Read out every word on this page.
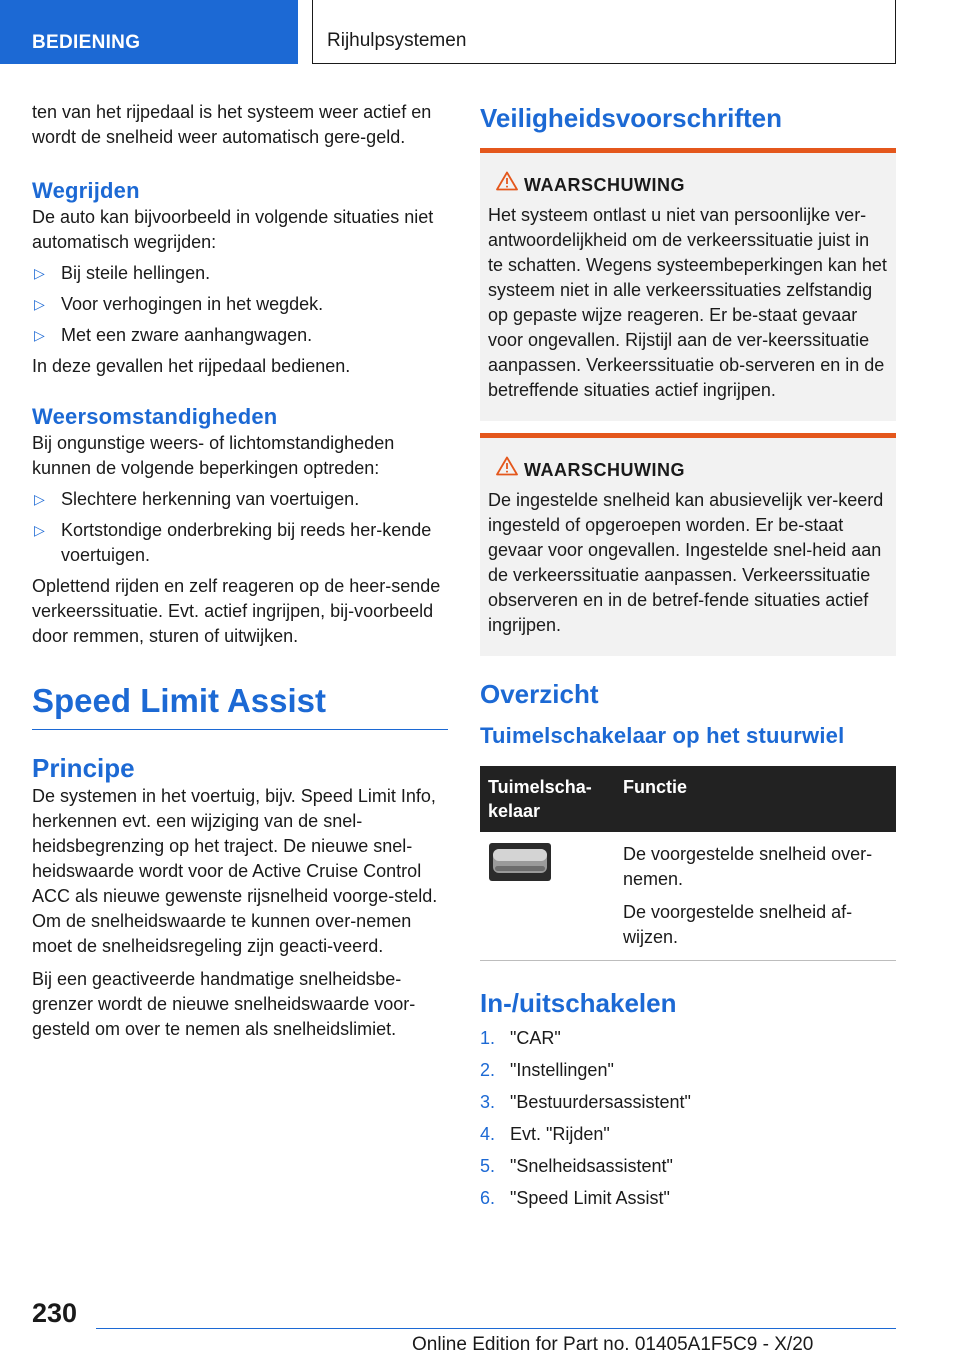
BEDIENING	Rijhulpsystemen

ten van het rijpedaal is het systeem weer actief en wordt de snelheid weer automatisch gere-geld.

Wegrijden

De auto kan bijvoorbeeld in volgende situaties niet automatisch wegrijden:

▷ Bij steile hellingen.
▷ Voor verhogingen in het wegdek.
▷ Met een zware aanhangwagen.

In deze gevallen het rijpedaal bedienen.

Weersomstandigheden

Bij ongunstige weers- of lichtomstandigheden kunnen de volgende beperkingen optreden:

▷ Slechtere herkenning van voertuigen.
▷ Kortstondige onderbreking bij reeds her-kende voertuigen.

Oplettend rijden en zelf reageren op de heer-sende verkeerssituatie. Evt. actief ingrijpen, bij-voorbeeld door remmen, sturen of uitwijken.

Speed Limit Assist
Principe

De systemen in het voertuig, bijv. Speed Limit Info, herkennen evt. een wijziging van de snel-heidsbegrenzing op het traject. De nieuwe snel-heidswaarde wordt voor de Active Cruise Control ACC als nieuwe gewenste rijsnelheid voorge-steld. Om de snelheidswaarde te kunnen over-nemen moet de snelheidsregeling zijn geacti-veerd.

Bij een geactiveerde handmatige snelheidsbe-grenzer wordt de nieuwe snelheidswaarde voor-gesteld om over te nemen als snelheidslimiet.

Veiligheidsvoorschriften
WAARSCHUWING

Het systeem ontlast u niet van persoonlijke ver-antwoordelijkheid om de verkeerssituatie juist in te schatten. Wegens systeembeperkingen kan het systeem niet in alle verkeerssituaties zelfstandig op gepaste wijze reageren. Er be-staat gevaar voor ongevallen. Rijstijl aan de ver-keerssituatie aanpassen. Verkeerssituatie ob-serveren en in de betreffende situaties actief ingrijpen.

WAARSCHUWING

De ingestelde snelheid kan abusievelijk ver-keerd ingesteld of opgeroepen worden. Er be-staat gevaar voor ongevallen. Ingestelde snel-heid aan de verkeerssituatie aanpassen. Verkeerssituatie observeren en in de betref-fende situaties actief ingrijpen.

Overzicht
Tuimelschakelaar op het stuurwiel
Tuimelscha-kelaar	Functie

De voorgestelde snelheid over-nemen.

De voorgestelde snelheid af-wijzen.

In-/uitschakelen
1. "CAR"
2. "Instellingen"
3. "Bestuurdersassistent"
4. Evt. "Rijden"
5. "Snelheidsassistent"
6. "Speed Limit Assist"
230
Online Edition for Part no. 01405A1F5C9 - X/20
